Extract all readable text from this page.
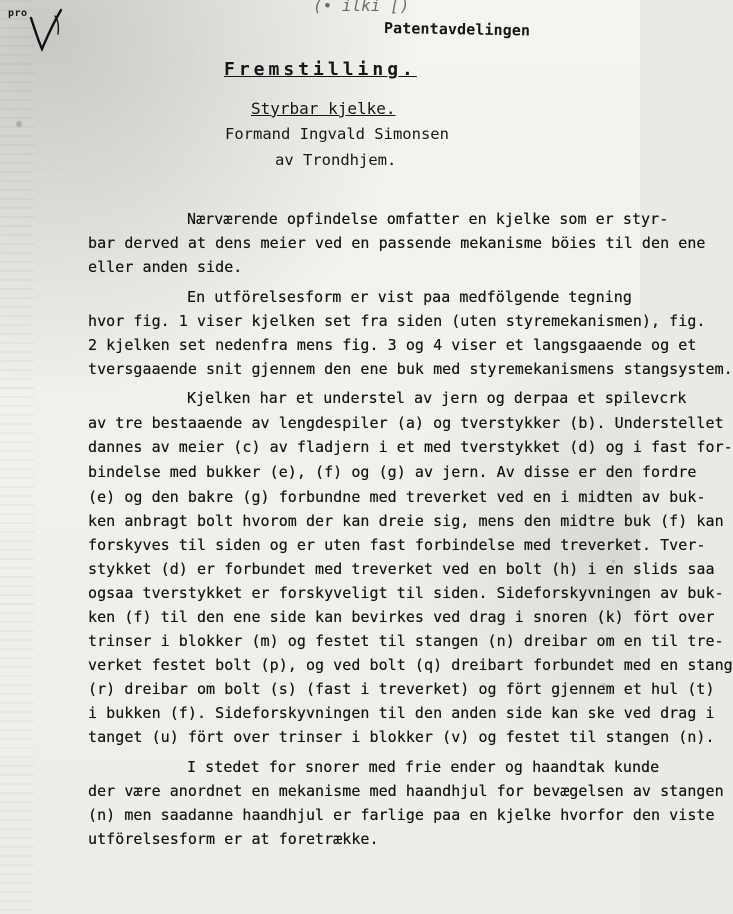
pro	(• ilki [)
Patentavdelingen
Fremstilling.
Styrbar kjelke.
Formand Ingvald Simonsen
av Trondhjem.
Nærværende opfindelse omfatter en kjelke som er styr-
bar derved at dens meier ved en passende mekanisme böies til den ene
eller anden side.
En utförelsesform er vist paa medfölgende tegning
hvor fig. 1 viser kjelken set fra siden (uten styremekanismen), fig.
2 kjelken set nedenfra mens fig. 3 og 4 viser et langsgaaende og et
tversgaaende snit gjennem den ene buk med styremekanismens stangsystem.
Kjelken har et understel av jern og derpaa et spilevcrk
av tre bestaaende av lengdespiler (a) og tverstykker (b). Understellet
dannes av meier (c) av fladjern i et med tverstykket (d) og i fast for-
bindelse med bukker (e), (f) og (g) av jern. Av disse er den fordre
(e) og den bakre (g) forbundne med treverket ved en i midten av buk-
ken anbragt bolt hvorom der kan dreie sig, mens den midtre buk (f) kan
forskyves til siden og er uten fast forbindelse med treverket. Tver-
stykket (d) er forbundet med treverket ved en bolt (h) i en slids saa
ogsaa tverstykket er forskyveligt til siden. Sideforskyvningen av buk-
ken (f) til den ene side kan bevirkes ved drag i snoren (k) fört over
trinser i blokker (m) og festet til stangen (n) dreibar om en til tre-
verket festet bolt (p), og ved bolt (q) dreibart forbundet med en stang
(r) dreibar om bolt (s) (fast i treverket) og fört gjennem et hul (t)
i bukken (f). Sideforskyvningen til den anden side kan ske ved drag i
tanget (u) fört over trinser i blokker (v) og festet til stangen (n).
I stedet for snorer med frie ender og haandtak kunde
der være anordnet en mekanisme med haandhjul for bevægelsen av stangen
(n) men saadanne haandhjul er farlige paa en kjelke hvorfor den viste
utförelsesform er at foretrække.
